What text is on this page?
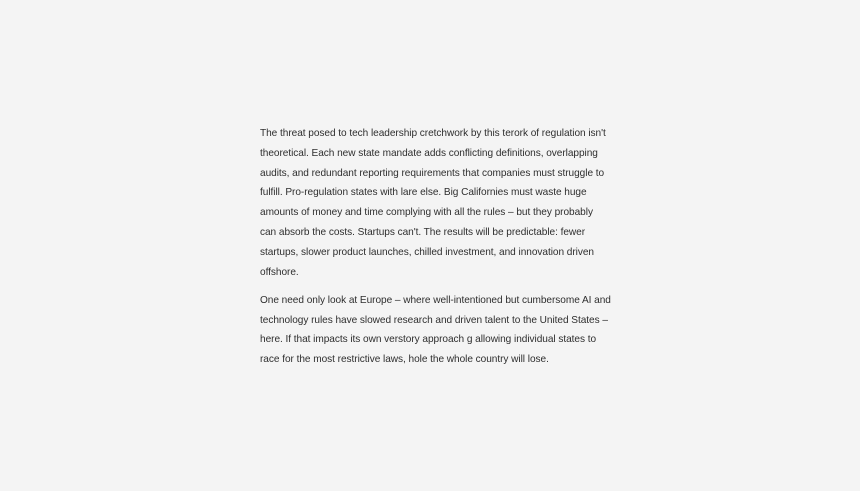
The threat posed to tech leadership cretchwork by this terork of regulation isn't
theoretical. Each new state mandate adds conflicting definitions, overlapping
audits, and redundant reporting requirements that companies must struggle to
fulfill. Pro-regulation states with lare else. Big Californies must waste huge
amounts of money and time complying with all the rules – but they probably
can absorb the costs. Startups can't. The results will be predictable: fewer
startups, slower product launches, chilled investment, and innovation driven
offshore.
One need only look at Europe – where well-intentioned but cumbersome AI and
technology rules have slowed research and driven talent to the United States –
here. If that impacts its own verstory approach g allowing individual states to
race for the most restrictive laws, hole the whole country will lose.
